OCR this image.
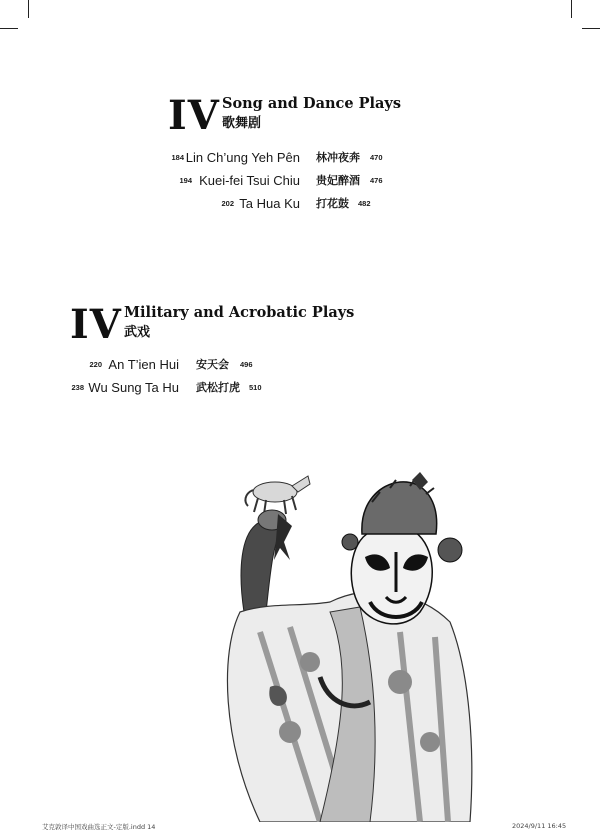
IV Song and Dance Plays
歌舞剧
184 Lin Ch’ung Yeh Pên 林冲夜奔 470
194 Kuei-fei Tsui Chiu 贵妃醉酒 476
202 Ta Hua Ku 打花鼓 482
IV Military and Acrobatic Plays
武戏
220 An T’ien Hui 安天会 496
238 Wu Sung Ta Hu 武松打虎 510
艾克敦译中国戏曲选正文-定版.indd 14	2024/9/11 16:45
